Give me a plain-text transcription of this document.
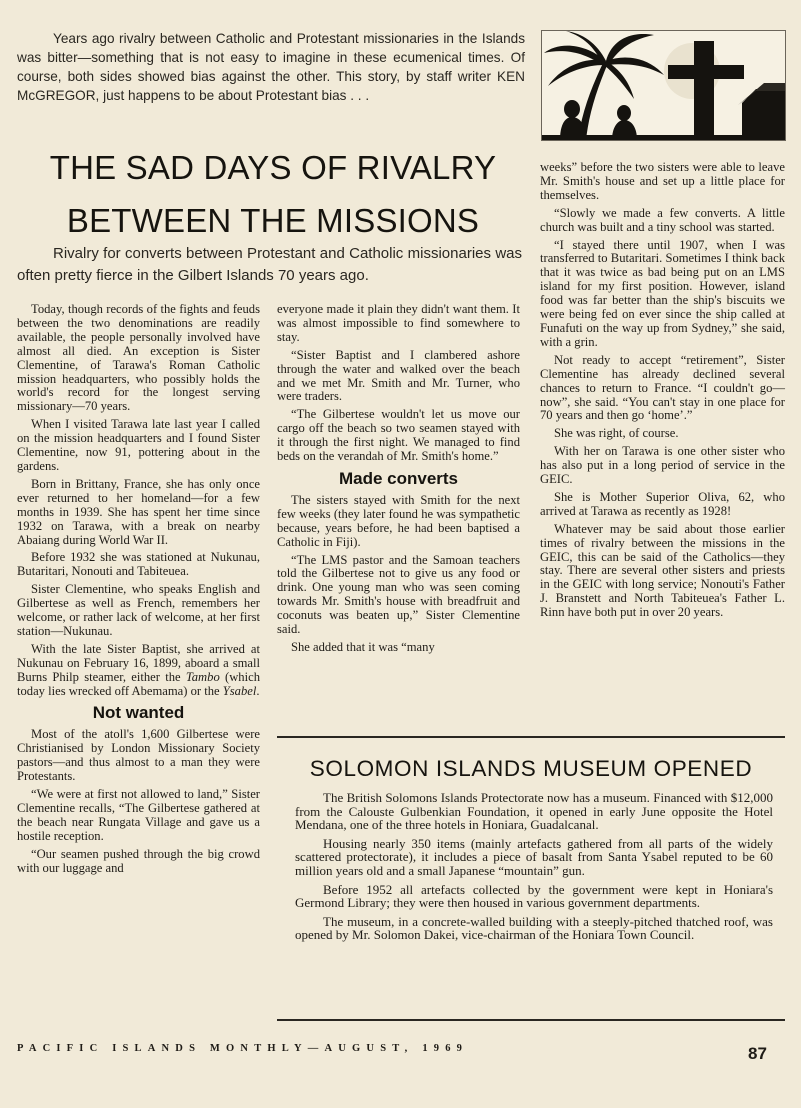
Years ago rivalry between Catholic and Protestant missionaries in the Islands was bitter—something that is not easy to imagine in these ecumenical times. Of course, both sides showed bias against the other. This story, by staff writer KEN McGREGOR, just happens to be about Protestant bias . . .

THE SAD DAYS OF RIVALRY
BETWEEN THE MISSIONS

Rivalry for converts between Protestant and Catholic missionaries was often pretty fierce in the Gilbert Islands 70 years ago.

Today, though records of the fights and feuds between the two denominations are readily available, the people personally involved have almost all died. An exception is Sister Clementine, of Tarawa's Roman Catholic mission headquarters, who possibly holds the world's record for the longest serving missionary—70 years.

When I visited Tarawa late last year I called on the mission headquarters and I found Sister Clementine, now 91, pottering about in the gardens.

Born in Brittany, France, she has only once ever returned to her homeland—for a few months in 1939. She has spent her time since 1932 on Tarawa, with a break on nearby Abaiang during World War II.

Before 1932 she was stationed at Nukunau, Butaritari, Nonouti and Tabiteuea.

Sister Clementine, who speaks English and Gilbertese as well as French, remembers her welcome, or rather lack of welcome, at her first station—Nukunau.

With the late Sister Baptist, she arrived at Nukunau on February 16, 1899, aboard a small Burns Philp steamer, either the Tambo (which today lies wrecked off Abemama) or the Ysabel.

Not wanted

Most of the atoll's 1,600 Gilbertese were Christianised by London Missionary Society pastors—and thus almost to a man they were Protestants.

“We were at first not allowed to land,” Sister Clementine recalls, “The Gilbertese gathered at the beach near Rungata Village and gave us a hostile reception.

“Our seamen pushed through the big crowd with our luggage and

everyone made it plain they didn't want them. It was almost impossible to find somewhere to stay.

“Sister Baptist and I clambered ashore through the water and walked over the beach and we met Mr. Smith and Mr. Turner, who were traders.

“The Gilbertese wouldn't let us move our cargo off the beach so two seamen stayed with it through the first night. We managed to find beds on the verandah of Mr. Smith's home.”

Made converts

The sisters stayed with Smith for the next few weeks (they later found he was sympathetic because, years before, he had been baptised a Catholic in Fiji).

“The LMS pastor and the Samoan teachers told the Gilbertese not to give us any food or drink. One young man who was seen coming towards Mr. Smith's house with breadfruit and coconuts was beaten up,” Sister Clementine said.

She added that it was “many

weeks” before the two sisters were able to leave Mr. Smith's house and set up a little place for themselves.

“Slowly we made a few converts. A little church was built and a tiny school was started.

“I stayed there until 1907, when I was transferred to Butaritari. Sometimes I think back that it was twice as bad being put on an LMS island for my first position. However, island food was far better than the ship's biscuits we were being fed on ever since the ship called at Funafuti on the way up from Sydney,” she said, with a grin.

Not ready to accept “retirement”, Sister Clementine has already declined several chances to return to France. “I couldn't go—now”, she said. “You can't stay in one place for 70 years and then go ‘home’.”

She was right, of course.

With her on Tarawa is one other sister who has also put in a long period of service in the GEIC.

She is Mother Superior Oliva, 62, who arrived at Tarawa as recently as 1928!

Whatever may be said about those earlier times of rivalry between the missions in the GEIC, this can be said of the Catholics—they stay. There are several other sisters and priests in the GEIC with long service; Nonouti's Father J. Branstett and North Tabiteuea's Father L. Rinn have both put in over 20 years.

SOLOMON ISLANDS MUSEUM OPENED

The British Solomons Islands Protectorate now has a museum. Financed with $12,000 from the Calouste Gulbenkian Foundation, it opened in early June opposite the Hotel Mendana, one of the three hotels in Honiara, Guadalcanal.

Housing nearly 350 items (mainly artefacts gathered from all parts of the widely scattered protectorate), it includes a piece of basalt from Santa Ysabel reputed to be 60 million years old and a small Japanese “mountain” gun.

Before 1952 all artefacts collected by the government were kept in Honiara's Germond Library; they were then housed in various government departments.

The museum, in a concrete-walled building with a steeply-pitched thatched roof, was opened by Mr. Solomon Dakei, vice-chairman of the Honiara Town Council.

PACIFIC ISLANDS MONTHLY—AUGUST, 1969	87
